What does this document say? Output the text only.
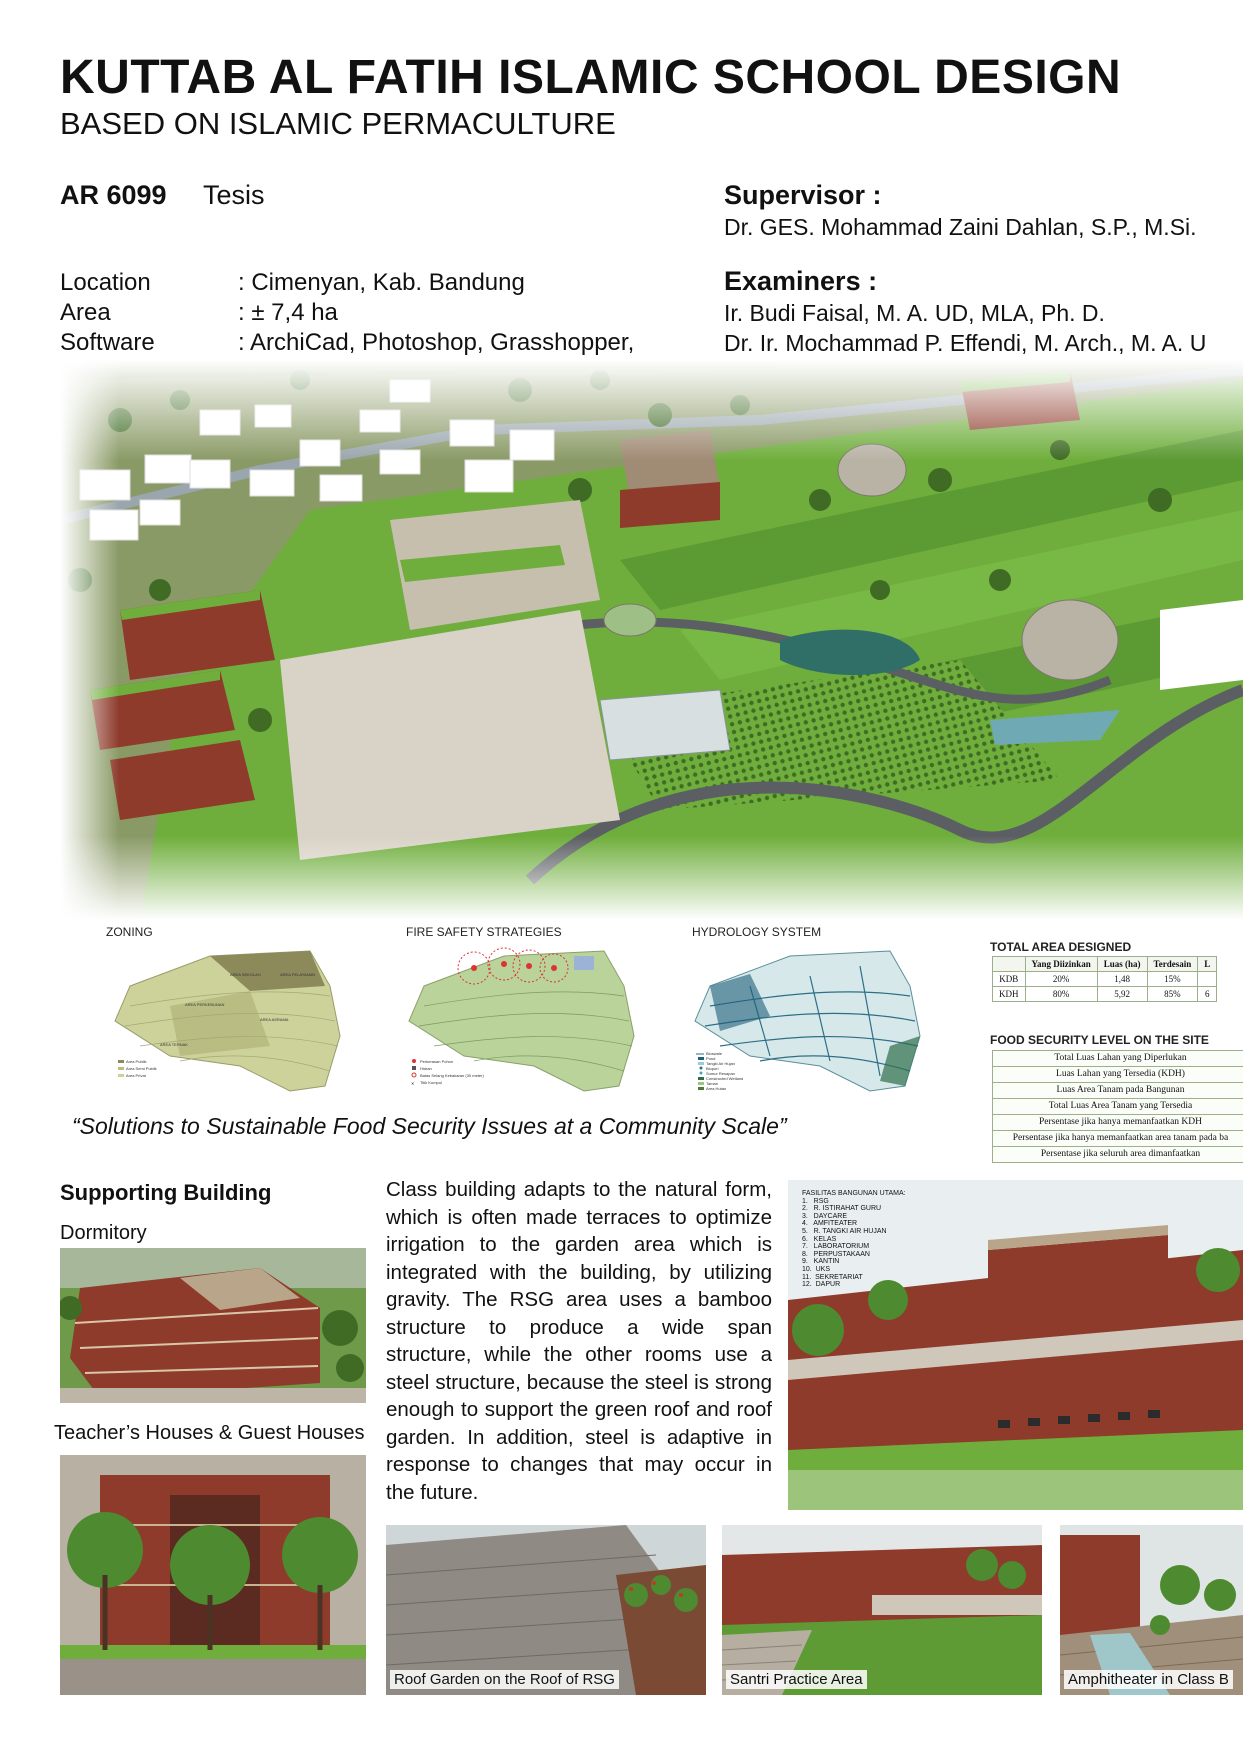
KUTTAB AL FATIH ISLAMIC SCHOOL DESIGN
BASED ON ISLAMIC PERMACULTURE
AR 6099 Tesis
Location	: Cimenyan, Kab. Bandung
Area	: ± 7,4 ha
Software	: ArchiCad, Photoshop, Grasshopper,
Supervisor :
Dr. GES. Mohammad Zaini Dahlan, S.P., M.Si.
Examiners :
Ir. Budi Faisal, M. A. UD, MLA, Ph. D.
Dr. Ir. Mochammad P. Effendi, M. Arch., M. A. U
ZONING	FIRE SAFETY STRATEGIES	HYDROLOGY SYSTEM
AREA PERKEBUNAN
AREA SEKOLAH	AREA PELAYANAN
AREA TERNAK
AREA ASRAMA
Area Publik
Area Semi Publik
Area Privat
Perkerasan Pohon
Hidran
Batas Selang Kebakaran (30 meter)
✕ Titik Kumpul
Bioswale
Pond
Tangki Air Hujan
Biopori
Sumur Resapan
Constructed Wetland
Taman
Area Hutan
TOTAL AREA DESIGNED
	Yang Diizinkan	Luas (ha)	Terdesain	L
KDB	20%	1,48	15%	
KDH	80%	5,92	85%	6
FOOD SECURITY LEVEL ON THE SITE
Total Luas Lahan yang Diperlukan
Luas Lahan yang Tersedia (KDH)
Luas Area Tanam pada Bangunan
Total Luas Area Tanam yang Tersedia
Persentase jika hanya memanfaatkan KDH
Persentase jika hanya memanfaatkan area tanam pada ba
Persentase jika seluruh area dimanfaatkan
“Solutions to Sustainable Food Security Issues at a Community Scale”
Supporting Building
Dormitory
Teacher’s Houses & Guest Houses
Class building adapts to the natural form, which is often made terraces to optimize irrigation to the garden area which is integrated with the building, by utilizing gravity. The RSG area uses a bamboo structure to produce a wide span structure, while the other rooms use a steel structure, because the steel is strong enough to support the green roof and roof garden. In addition, steel is adaptive in response to changes that may occur in the future.
FASILITAS BANGUNAN UTAMA:
1.   RSG
2.   R. ISTIRAHAT GURU
3.   DAYCARE
4.   AMFITEATER
5.   R. TANGKI AIR HUJAN
6.   KELAS
7.   LABORATORIUM
8.   PERPUSTAKAAN
9.   KANTIN
10.  UKS
11.  SEKRETARIAT
12.  DAPUR
Roof Garden on the Roof of RSG	Santri Practice Area	Amphitheater in Class B
